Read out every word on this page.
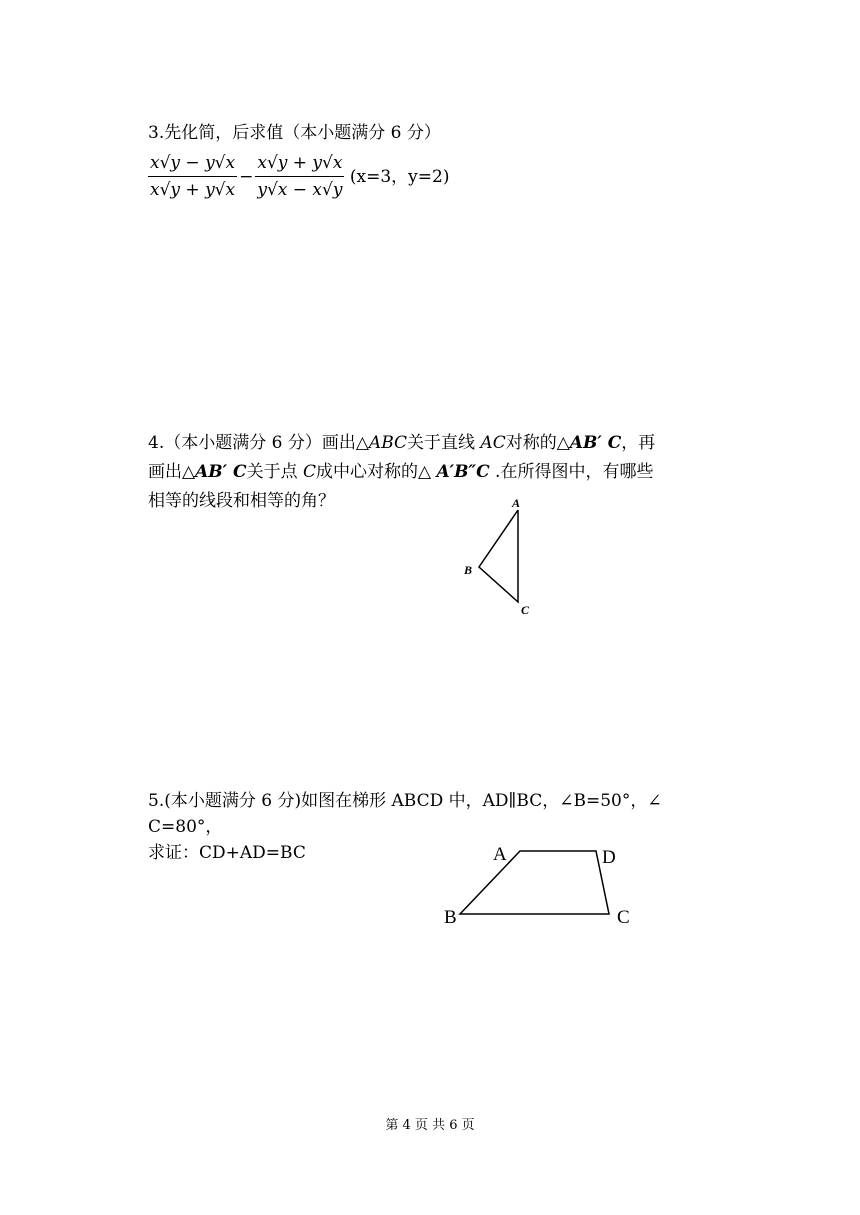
3.先化简，后求值（本小题满分 6 分）
$\frac{x√y - y√x}{x√y + y√x} - \frac{x√y + y√x}{y√x - x√y} (x=3$，y=2)
4.（本小题满分 6 分）画出△ABC关于直线 AC对称的△AB′ C，再
画出△AB′ C关于点 C成中心对称的△ A′B″C .在所得图中，有哪些
相等的线段和相等的角？	A
B
C
5.(本小题满分 6 分)如图在梯形 ABCD 中，AD∥BC，∠B=50°，∠
C=80°，
求证：CD+AD=BC	A	D
B	C
第 4 页 共 6 页
